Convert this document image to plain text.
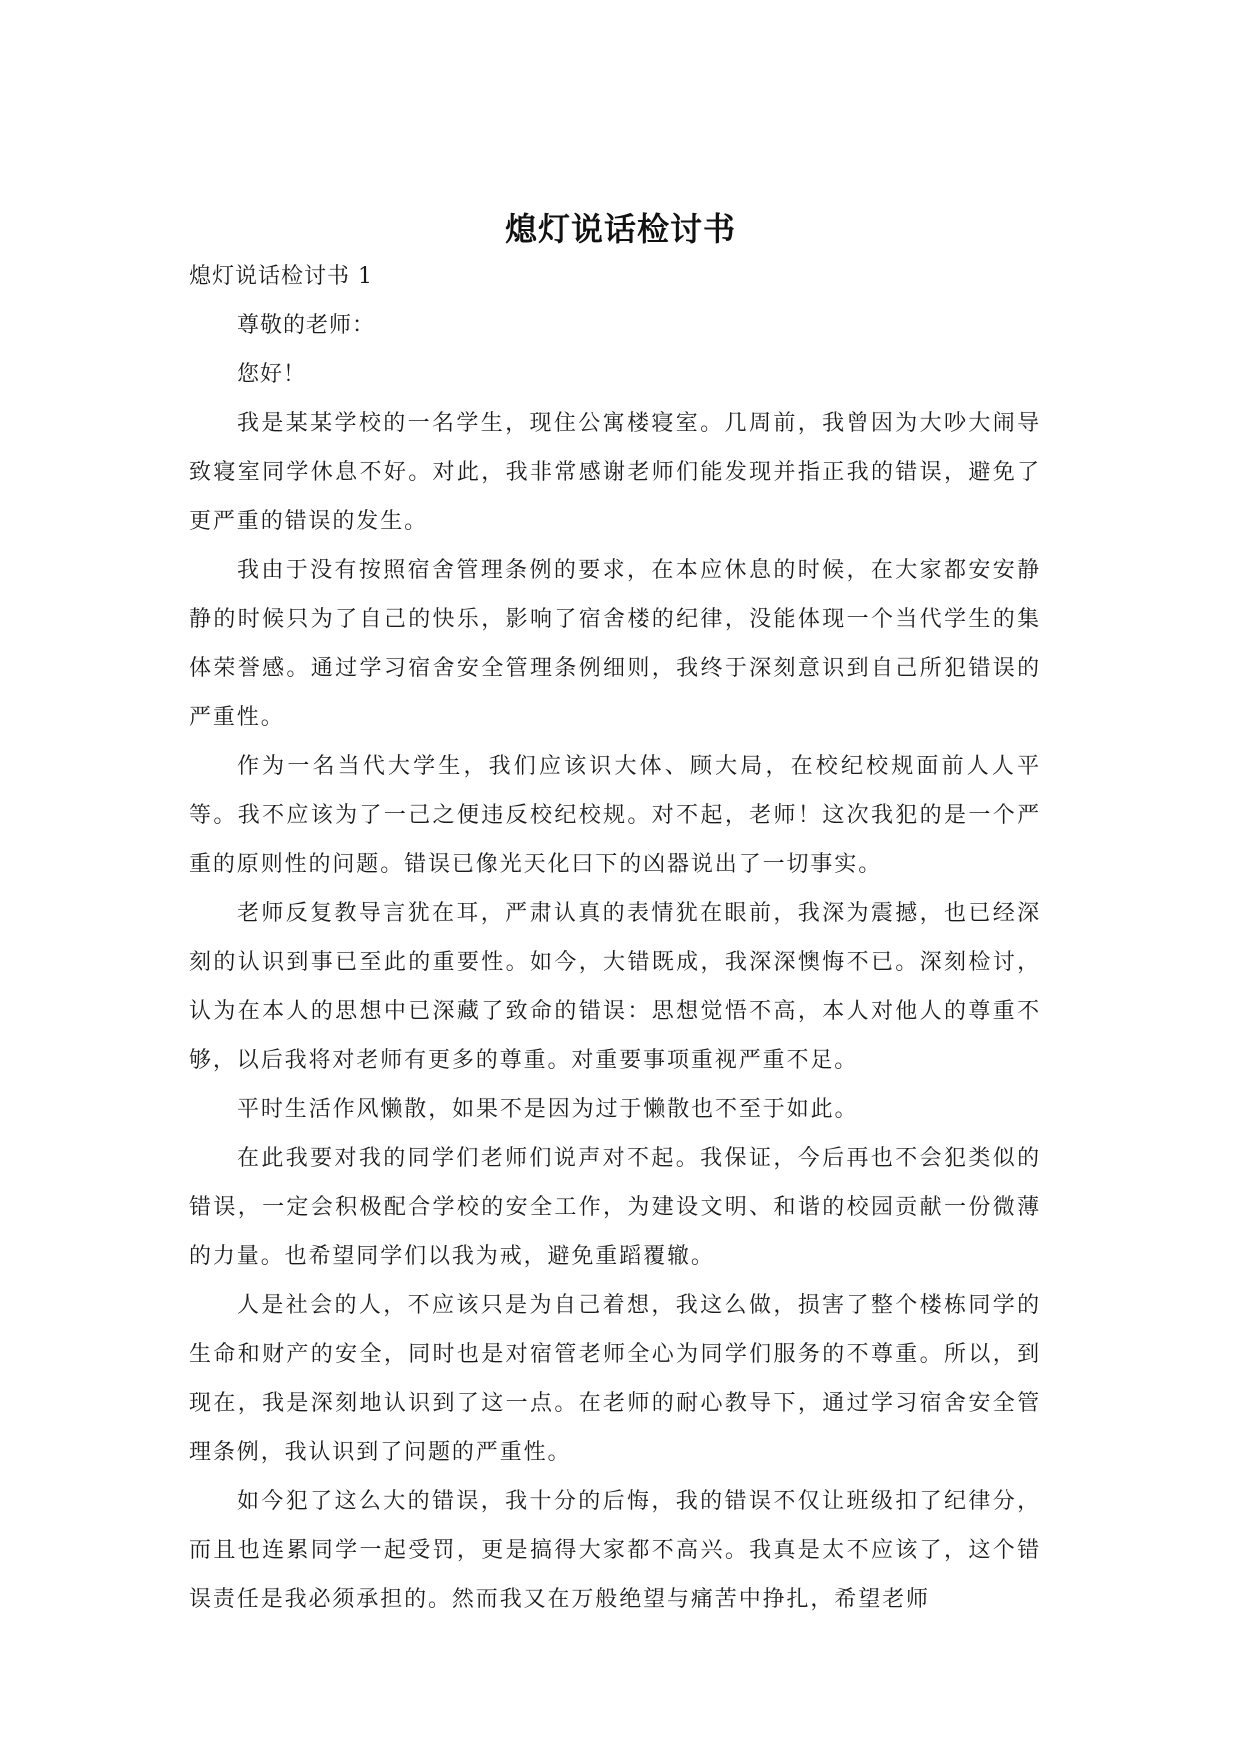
熄灯说话检讨书

熄灯说话检讨书 1

尊敬的老师：

您好！

我是某某学校的一名学生，现住公寓楼寝室。几周前，我曾因为大吵大闹导致寝室同学休息不好。对此，我非常感谢老师们能发现并指正我的错误，避免了更严重的错误的发生。

我由于没有按照宿舍管理条例的要求，在本应休息的时候，在大家都安安静静的时候只为了自己的快乐，影响了宿舍楼的纪律，没能体现一个当代学生的集体荣誉感。通过学习宿舍安全管理条例细则，我终于深刻意识到自己所犯错误的严重性。

作为一名当代大学生，我们应该识大体、顾大局，在校纪校规面前人人平等。我不应该为了一己之便违反校纪校规。对不起，老师！这次我犯的是一个严重的原则性的问题。错误已像光天化曰下的凶器说出了一切事实。

老师反复教导言犹在耳，严肃认真的表情犹在眼前，我深为震撼，也已经深刻的认识到事已至此的重要性。如今，大错既成，我深深懊悔不已。深刻检讨，认为在本人的思想中已深藏了致命的错误：思想觉悟不高，本人对他人的尊重不够，以后我将对老师有更多的尊重。对重要事项重视严重不足。

平时生活作风懒散，如果不是因为过于懒散也不至于如此。

在此我要对我的同学们老师们说声对不起。我保证，今后再也不会犯类似的错误，一定会积极配合学校的安全工作，为建设文明、和谐的校园贡献一份微薄的力量。也希望同学们以我为戒，避免重蹈覆辙。

人是社会的人，不应该只是为自己着想，我这么做，损害了整个楼栋同学的生命和财产的安全，同时也是对宿管老师全心为同学们服务的不尊重。所以，到现在，我是深刻地认识到了这一点。在老师的耐心教导下，通过学习宿舍安全管理条例，我认识到了问题的严重性。

如今犯了这么大的错误，我十分的后悔，我的错误不仅让班级扣了纪律分，而且也连累同学一起受罚，更是搞得大家都不高兴。我真是太不应该了，这个错误责任是我必须承担的。然而我又在万般绝望与痛苦中挣扎，希望老师
